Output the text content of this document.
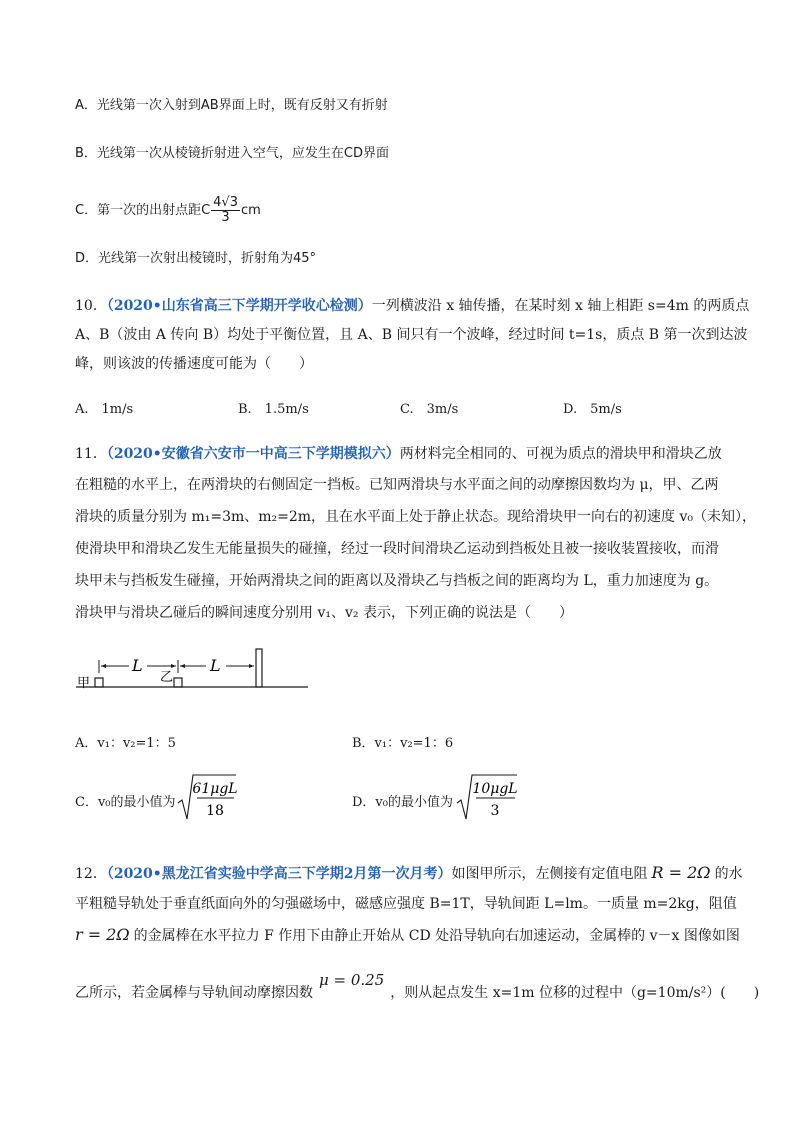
A．光线第一次入射到AB界面上时，既有反射又有折射
B．光线第一次从棱镜折射进入空气，应发生在CD界面
C．第一次的出射点距C $\frac{4√3}{3}$ cm
D．光线第一次射出棱镜时，折射角为45°
10．（2020•山东省高三下学期开学收心检测）一列横波沿 x 轴传播，在某时刻 x 轴上相距 s=4m 的两质点
A、B（波由 A 传向 B）均处于平衡位置，且 A、B 间只有一个波峰，经过时间 t=1s，质点 B 第一次到达波
峰，则该波的传播速度可能为（　　）
A.　1m/s	B.　1.5m/s	C.　3m/s	D.　5m/s
11．（2020•安徽省六安市一中高三下学期模拟六）两材料完全相同的、可视为质点的滑块甲和滑块乙放
在粗糙的水平上，在两滑块的右侧固定一挡板。已知两滑块与水平面之间的动摩擦因数均为 μ，甲、乙两
滑块的质量分别为 m₁=3m、m₂=2m，且在水平面上处于静止状态。现给滑块甲一向右的初速度 v₀（未知），
使滑块甲和滑块乙发生无能量损失的碰撞，经过一段时间滑块乙运动到挡板处且被一接收装置接收，而滑
块甲未与挡板发生碰撞，开始两滑块之间的距离以及滑块乙与挡板之间的距离均为 L，重力加速度为 g。
滑块甲与滑块乙碰后的瞬间速度分别用 v₁、v₂ 表示，下列正确的说法是（　　）
L	L
甲	乙
A．v₁：v₂=1：5	B．v₁：v₂=1：6
C．v₀的最小值为
61μgL
18
D．v₀的最小值为
10μgL
3
12．（2020•黑龙江省实验中学高三下学期2月第一次月考）如图甲所示，左侧接有定值电阻 R = 2Ω 的水
平粗糙导轨处于垂直纸面向外的匀强磁场中，磁感应强度 B=1T，导轨间距 L=lm。一质量 m=2kg，阻值
r = 2Ω 的金属棒在水平拉力 F 作用下由静止开始从 CD 处沿导轨向右加速运动，金属棒的 v－x 图像如图
乙所示，若金属棒与导轨间动摩擦因数μ = 0.25，则从起点发生 x=1m 位移的过程中（g=10m/s²）(　　)
